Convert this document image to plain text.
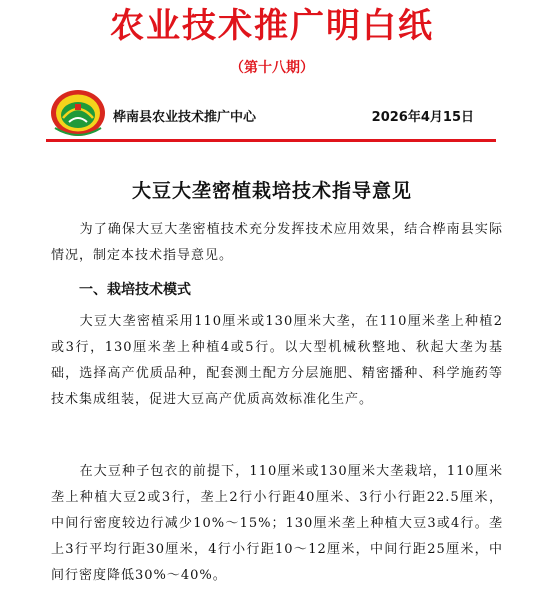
农业技术推广明白纸
（第十八期）
桦南县农业技术推广中心	2026年4月15日
大豆大垄密植栽培技术指导意见

为了确保大豆大垄密植技术充分发挥技术应用效果，结合桦南县实际情况，制定本技术指导意见。

一、栽培技术模式

大豆大垄密植采用110厘米或130厘米大垄，在110厘米垄上种植2或3行，130厘米垄上种植4或5行。以大型机械秋整地、秋起大垄为基础，选择高产优质品种，配套测土配方分层施肥、精密播种、科学施药等技术集成组装，促进大豆高产优质高效标准化生产。

在大豆种子包衣的前提下，110厘米或130厘米大垄栽培，110厘米垄上种植大豆2或3行，垄上2行小行距40厘米、3行小行距22.5厘米，中间行密度较边行减少10%～15%；130厘米垄上种植大豆3或4行。垄上3行平均行距30厘米，4行小行距10～12厘米，中间行距25厘米，中间行密度降低30%～40%。
